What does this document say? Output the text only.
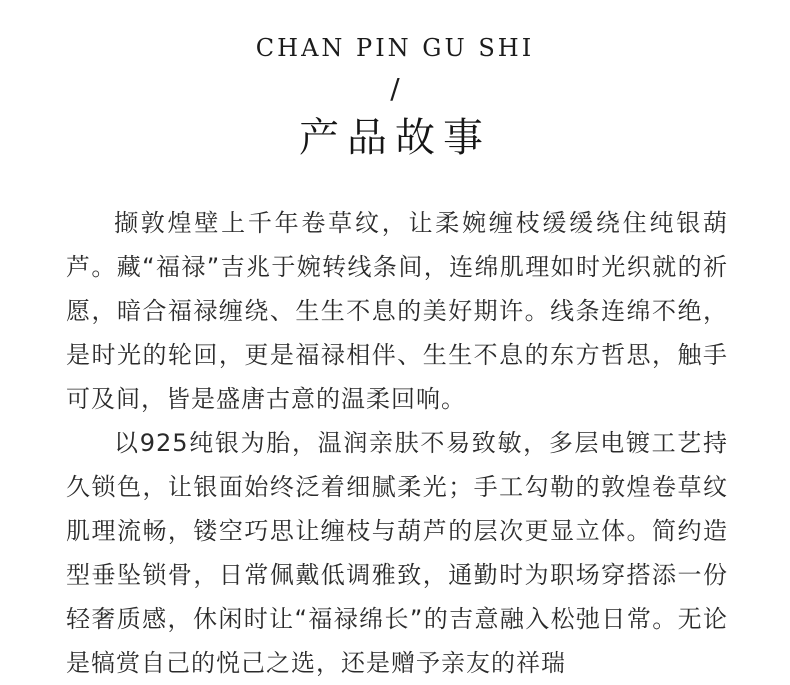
CHAN PIN GU SHI
/
产品故事

撷敦煌壁上千年卷草纹，让柔婉缠枝缓缓绕住纯银葫芦。藏“福禄”吉兆于婉转线条间，连绵肌理如时光织就的祈愿，暗合福禄缠绕、生生不息的美好期许。线条连绵不绝，是时光的轮回，更是福禄相伴、生生不息的东方哲思，触手可及间，皆是盛唐古意的温柔回响。

以925纯银为胎，温润亲肤不易致敏，多层电镀工艺持久锁色，让银面始终泛着细腻柔光；手工勾勒的敦煌卷草纹肌理流畅，镂空巧思让缠枝与葫芦的层次更显立体。简约造型垂坠锁骨，日常佩戴低调雅致，通勤时为职场穿搭添一份轻奢质感，休闲时让“福禄绵长”的吉意融入松弛日常。无论是犒赏自己的悦己之选，还是赠予亲友的祥瑞
